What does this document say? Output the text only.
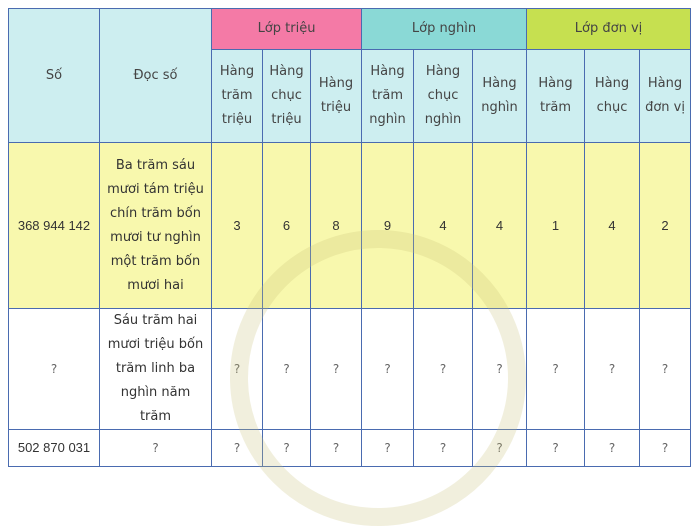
Số	Đọc số	Lớp triệu			Lớp nghìn			Lớp đơn vị		
		Hàng trăm triệu	Hàng chục triệu	Hàng triệu	Hàng trăm nghìn	Hàng chục nghìn	Hàng nghìn	Hàng trăm	Hàng chục	Hàng đơn vị
368 944 142	Ba trăm sáu mươi tám triệu chín trăm bốn mươi tư nghìn một trăm bốn mươi hai	3	6	8	9	4	4	1	4	2
?	Sáu trăm hai mươi triệu bốn trăm linh ba nghìn năm trăm	?	?	?	?	?	?	?	?	?
502 870 031	?	?	?	?	?	?	?	?	?	?
